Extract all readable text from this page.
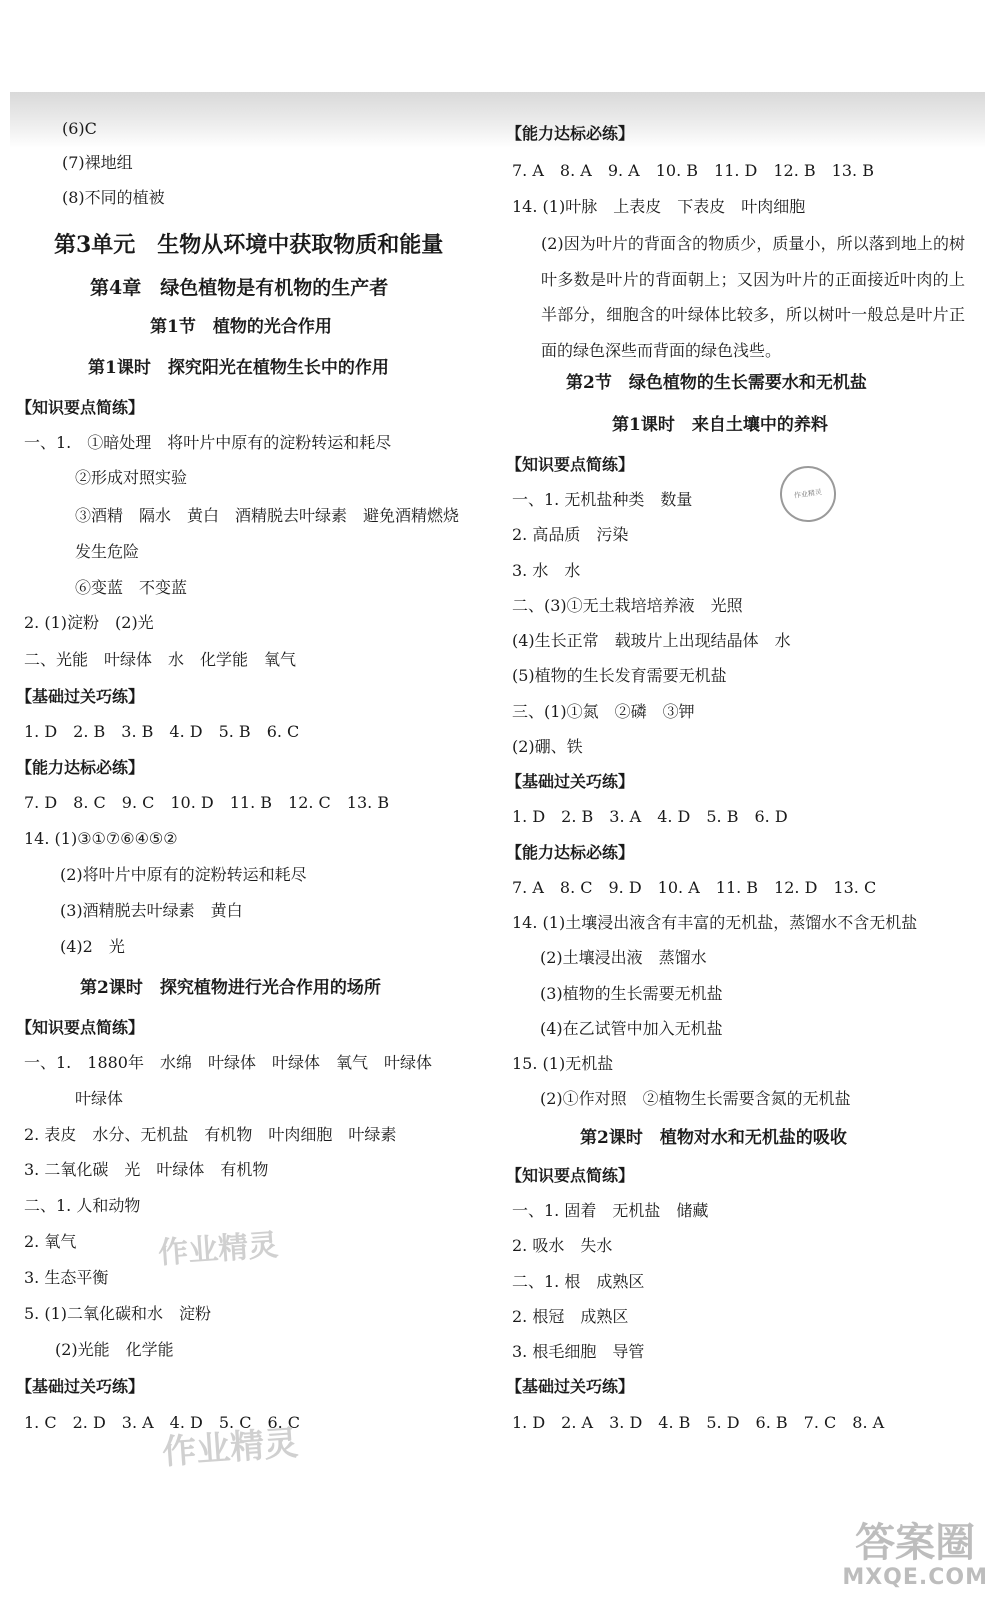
(6)C
(7)裸地组
(8)不同的植被
第3单元　生物从环境中获取物质和能量
第4章　绿色植物是有机物的生产者
第1节　植物的光合作用
第1课时　探究阳光在植物生长中的作用
【知识要点简练】
一、1.　①暗处理　将叶片中原有的淀粉转运和耗尽
②形成对照实验
③酒精　隔水　黄白　酒精脱去叶绿素　避免酒精燃烧
发生危险
⑥变蓝　不变蓝
2. (1)淀粉　(2)光
二、光能　叶绿体　水　化学能　氧气
【基础过关巧练】
1. D　2. B　3. B　4. D　5. B　6. C
【能力达标必练】
7. D　8. C　9. C　10. D　11. B　12. C　13. B
14. (1)③①⑦⑥④⑤②
(2)将叶片中原有的淀粉转运和耗尽
(3)酒精脱去叶绿素　黄白
(4)2　光
第2课时　探究植物进行光合作用的场所
【知识要点简练】
一、1.　1880年　水绵　叶绿体　叶绿体　氧气　叶绿体
叶绿体
2. 表皮　水分、无机盐　有机物　叶肉细胞　叶绿素
3. 二氧化碳　光　叶绿体　有机物
二、1. 人和动物
2. 氧气
3. 生态平衡
5. (1)二氧化碳和水　淀粉
(2)光能　化学能
【基础过关巧练】
1. C　2. D　3. A　4. D　5. C　6. C
【能力达标必练】
7. A　8. A　9. A　10. B　11. D　12. B　13. B
14. (1)叶脉　上表皮　下表皮　叶肉细胞
(2)因为叶片的背面含的物质少，质量小，所以落到地上的树叶多数是叶片的背面朝上；又因为叶片的正面接近叶肉的上半部分，细胞含的叶绿体比较多，所以树叶一般总是叶片正面的绿色深些而背面的绿色浅些。
第2节　绿色植物的生长需要水和无机盐
第1课时　来自土壤中的养料
【知识要点简练】
一、1. 无机盐种类　数量
2. 高品质　污染
3. 水　水
二、(3)①无土栽培培养液　光照
(4)生长正常　载玻片上出现结晶体　水
(5)植物的生长发育需要无机盐
三、(1)①氮　②磷　③钾
(2)硼、铁
【基础过关巧练】
1. D　2. B　3. A　4. D　5. B　6. D
【能力达标必练】
7. A　8. C　9. D　10. A　11. B　12. D　13. C
14. (1)土壤浸出液含有丰富的无机盐，蒸馏水不含无机盐
(2)土壤浸出液　蒸馏水
(3)植物的生长需要无机盐
(4)在乙试管中加入无机盐
15. (1)无机盐
(2)①作对照　②植物生长需要含氮的无机盐
第2课时　植物对水和无机盐的吸收
【知识要点简练】
一、1. 固着　无机盐　储藏
2. 吸水　失水
二、1. 根　成熟区
2. 根冠　成熟区
3. 根毛细胞　导管
【基础过关巧练】
1. D　2. A　3. D　4. B　5. D　6. B　7. C　8. A
作业精灵
作业精灵
作业精灵
答案圈
MXQE.COM
